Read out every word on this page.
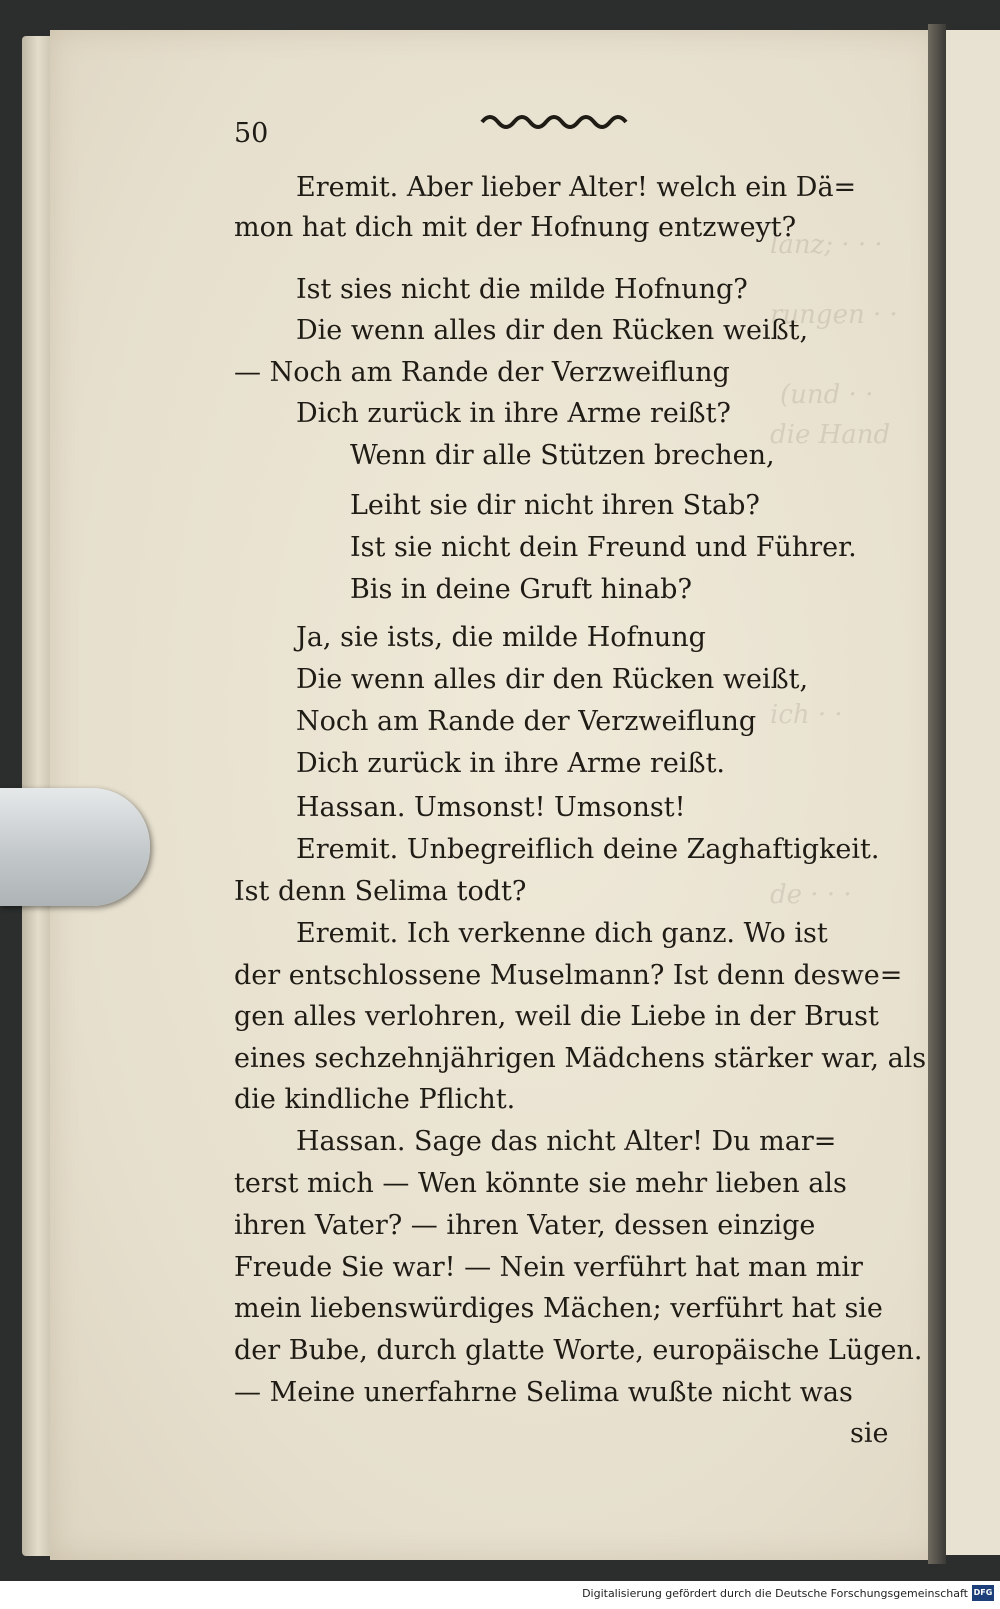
lanz; · · ·
rungen · ·
(und · ·
die Hand
ich · ·
de · · ·
50
Eremit. Aber lieber Alter! welch ein Dä=
mon hat dich mit der Hofnung entzweyt?
Ist sies nicht die milde Hofnung?
Die wenn alles dir den Rücken weißt,
— Noch am Rande der Verzweiflung
Dich zurück in ihre Arme reißt?
Wenn dir alle Stützen brechen,
Leiht sie dir nicht ihren Stab?
Ist sie nicht dein Freund und Führer.
Bis in deine Gruft hinab?
Ja, sie ists, die milde Hofnung
Die wenn alles dir den Rücken weißt,
Noch am Rande der Verzweiflung
Dich zurück in ihre Arme reißt.
Hassan. Umsonst! Umsonst!
Eremit. Unbegreiflich deine Zaghaftigkeit.
Ist denn Selima todt?
Eremit. Ich verkenne dich ganz. Wo ist
der entschlossene Muselmann? Ist denn deswe=
gen alles verlohren, weil die Liebe in der Brust
eines sechzehnjährigen Mädchens stärker war, als
die kindliche Pflicht.
Hassan. Sage das nicht Alter! Du mar=
terst mich — Wen könnte sie mehr lieben als
ihren Vater? — ihren Vater, dessen einzige
Freude Sie war! — Nein verführt hat man mir
mein liebenswürdiges Mächen; verführt hat sie
der Bube, durch glatte Worte, europäische Lügen.
— Meine unerfahrne Selima wußte nicht was
sie
Digitalisierung gefördert durch die Deutsche Forschungsgemeinschaft DFG
